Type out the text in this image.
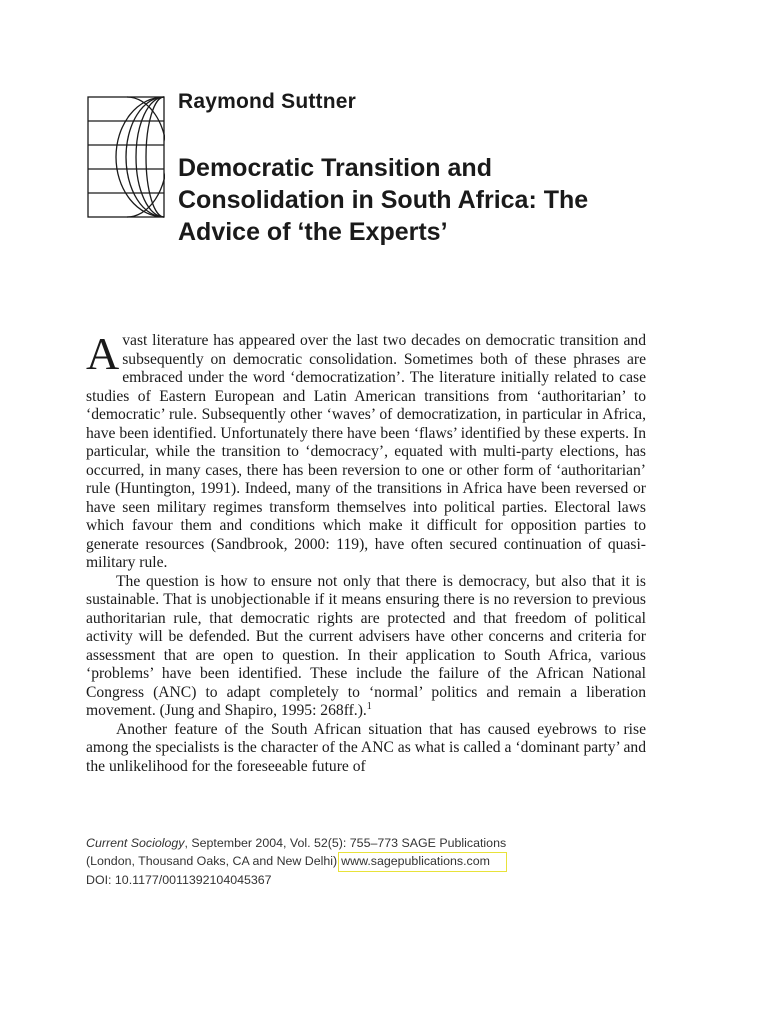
Raymond Suttner
Democratic Transition and
Consolidation in South Africa: The
Advice of ‘the Experts’

A vast literature has appeared over the last two decades on democratic transition and subsequently on democratic consolidation. Sometimes both of these phrases are embraced under the word ‘democratization’. The literature initially related to case studies of Eastern European and Latin American transitions from ‘authoritarian’ to ‘democratic’ rule. Subsequently other ‘waves’ of democratization, in particular in Africa, have been identified. Unfortunately there have been ‘flaws’ identified by these experts. In particular, while the transition to ‘democracy’, equated with multi-party elections, has occurred, in many cases, there has been reversion to one or other form of ‘authoritarian’ rule (Huntington, 1991). Indeed, many of the transitions in Africa have been reversed or have seen military regimes transform themselves into political parties. Electoral laws which favour them and conditions which make it difficult for opposition parties to generate resources (Sandbrook, 2000: 119), have often secured continuation of quasi-military rule.

The question is how to ensure not only that there is democracy, but also that it is sustainable. That is unobjectionable if it means ensuring there is no reversion to previous authoritarian rule, that democratic rights are protected and that freedom of political activity will be defended. But the current advisers have other concerns and criteria for assessment that are open to question. In their application to South Africa, various ‘problems’ have been identified. These include the failure of the African National Congress (ANC) to adapt completely to ‘normal’ politics and remain a liberation movement. (Jung and Shapiro, 1995: 268ff.).$^1$

Another feature of the South African situation that has caused eyebrows to rise among the specialists is the character of the ANC as what is called a ‘dominant party’ and the unlikelihood for the foreseeable future of

Current Sociology, September 2004, Vol. 52(5): 755–773 SAGE Publications
(London, Thousand Oaks, CA and New Delhi) www.sagepublications.com
DOI: 10.1177/0011392104045367
